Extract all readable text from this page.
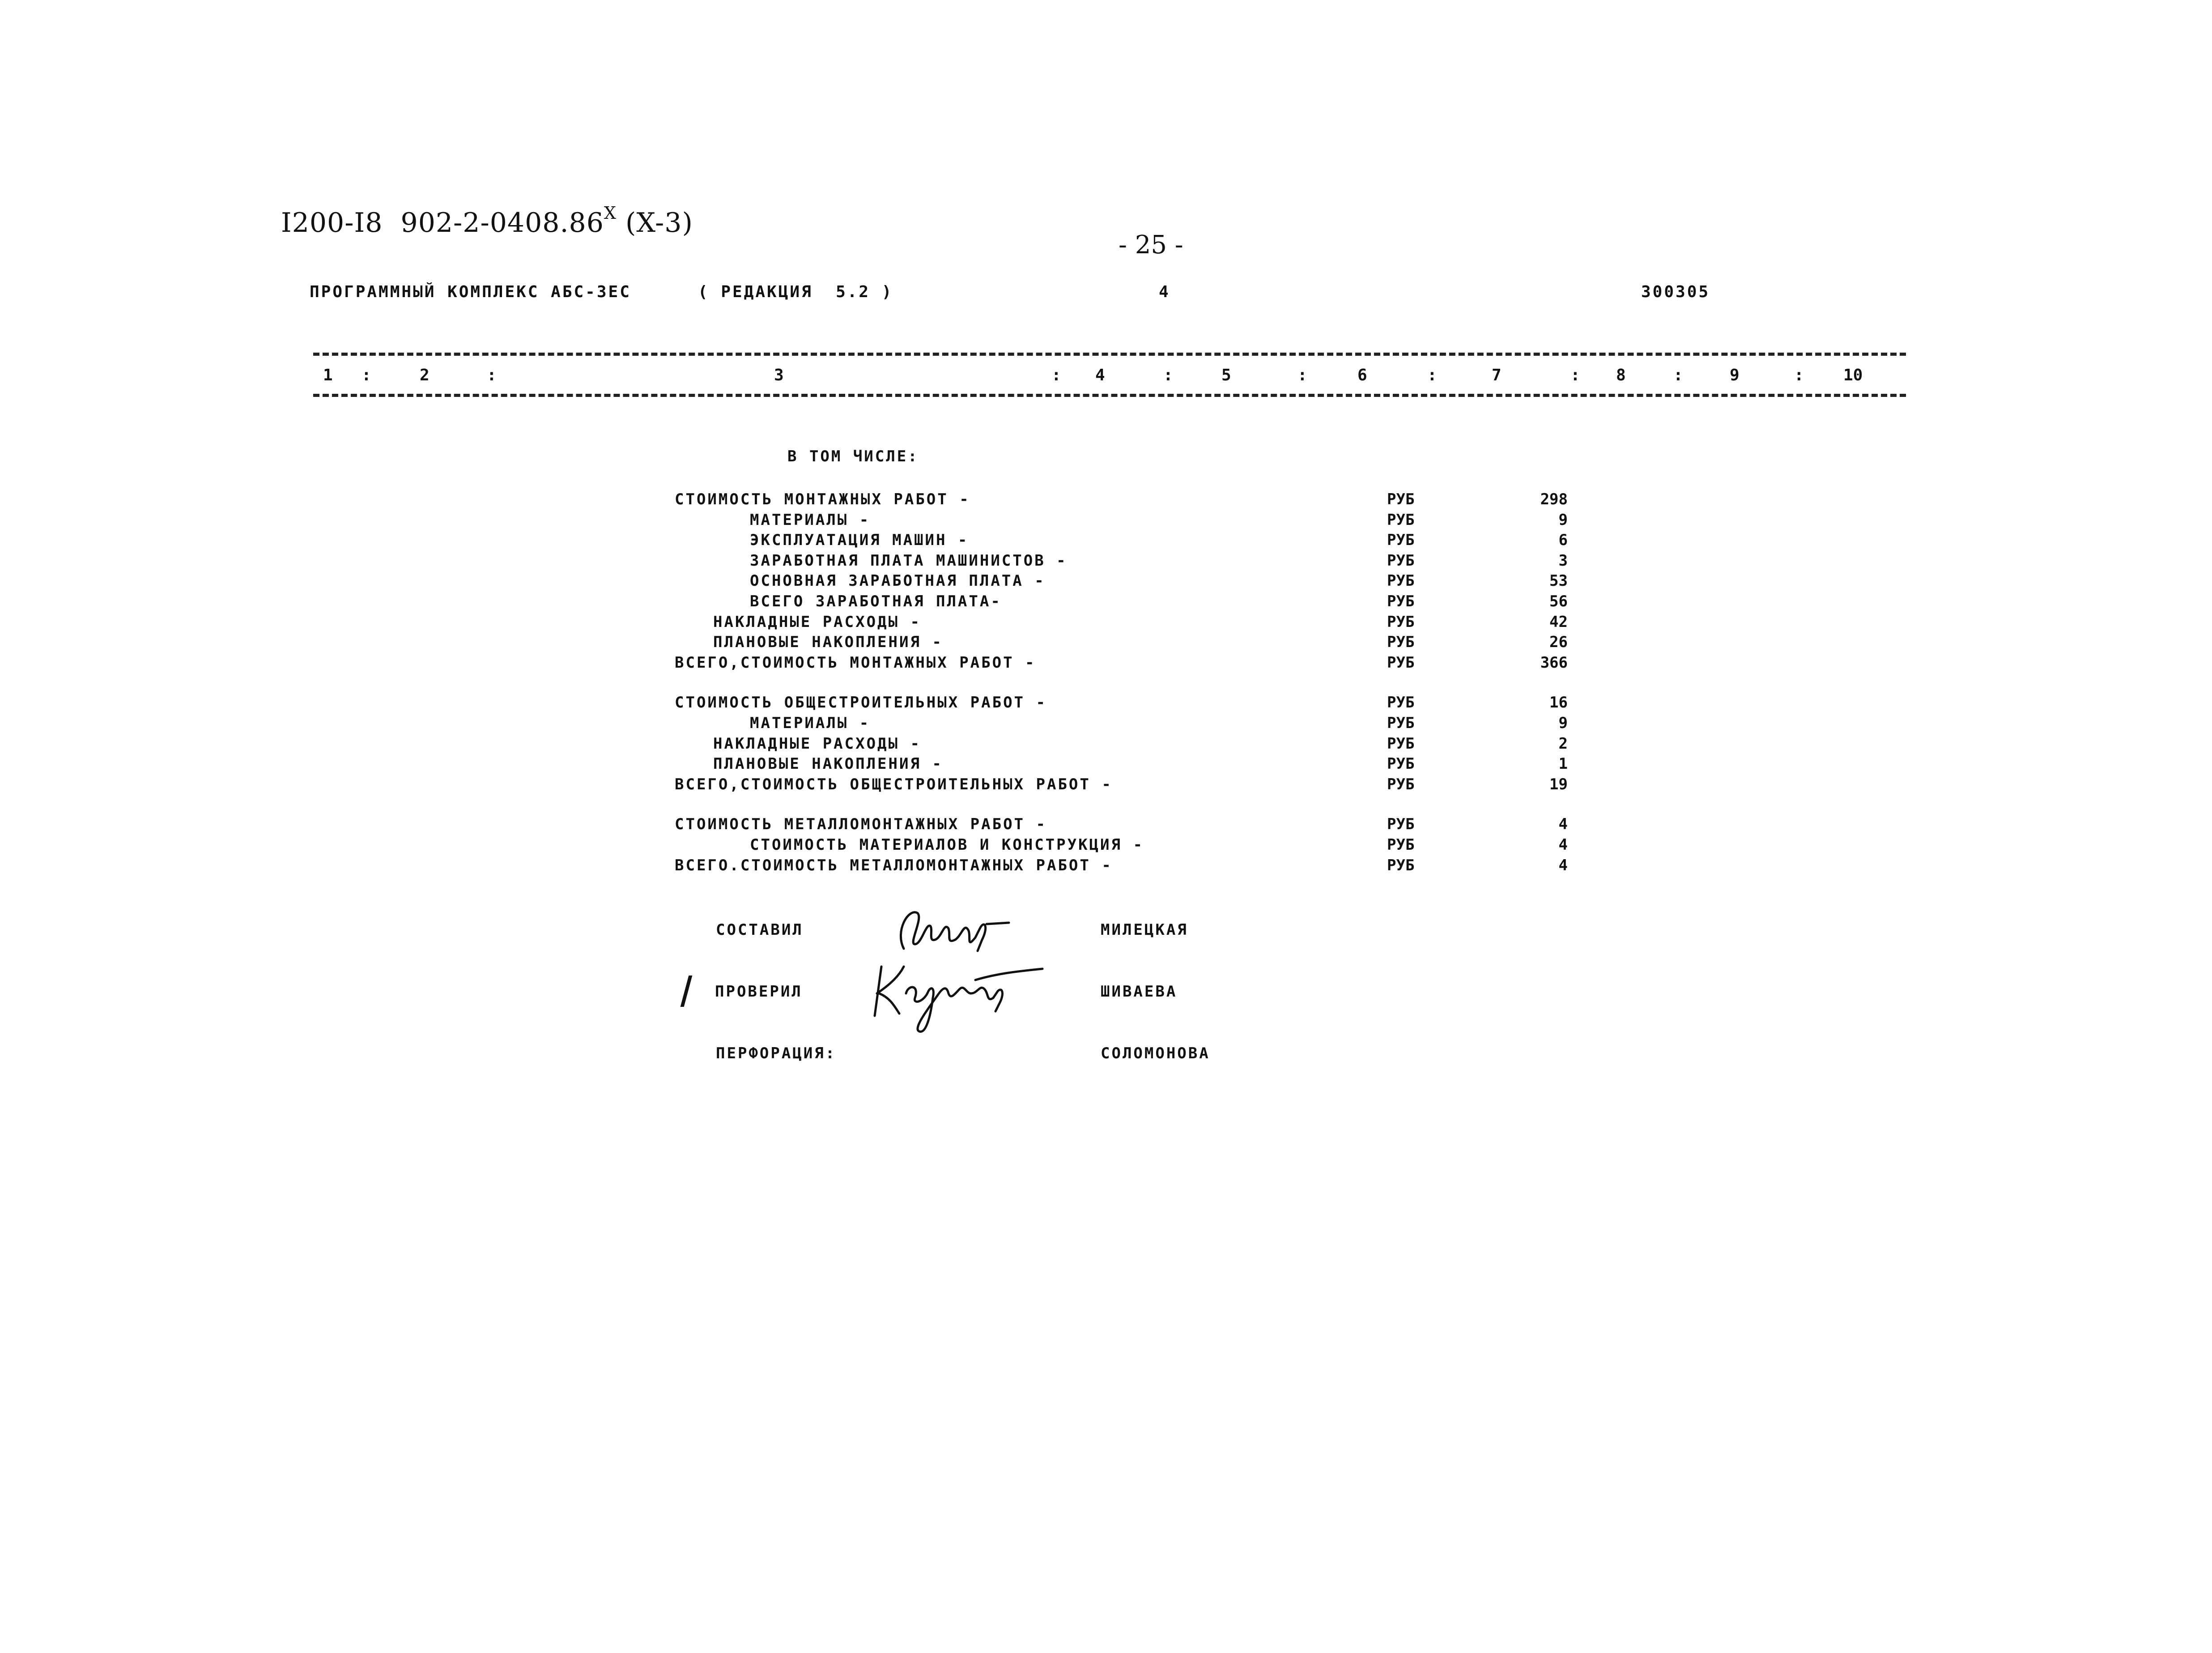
I200-I8  $902-2-0408.86^X$ (X-3)
- 25 -
ПРОГРАММНЫЙ КОМПЛЕКС АБС-ЗЕС	( РЕДАКЦИЯ  5.2 )	4	300305
1	2	3	4	5	6	7	8	9	10
:	:	:	:	:	:	:	:	:
В ТОМ ЧИСЛЕ:
СТОИМОСТЬ МОНТАЖНЫХ РАБОТ -	РУБ	298
МАТЕРИАЛЫ -	РУБ	9
ЭКСПЛУАТАЦИЯ МАШИН -	РУБ	6
ЗАРАБОТНАЯ ПЛАТА МАШИНИСТОВ -	РУБ	3
ОСНОВНАЯ ЗАРАБОТНАЯ ПЛАТА -	РУБ	53
ВСЕГО ЗАРАБОТНАЯ ПЛАТА-	РУБ	56
НАКЛАДНЫЕ РАСХОДЫ -	РУБ	42
ПЛАНОВЫЕ НАКОПЛЕНИЯ -	РУБ	26
ВСЕГО,СТОИМОСТЬ МОНТАЖНЫХ РАБОТ -	РУБ	366
СТОИМОСТЬ ОБЩЕСТРОИТЕЛЬНЫХ РАБОТ -	РУБ	16
МАТЕРИАЛЫ -	РУБ	9
НАКЛАДНЫЕ РАСХОДЫ -	РУБ	2
ПЛАНОВЫЕ НАКОПЛЕНИЯ -	РУБ	1
ВСЕГО,СТОИМОСТЬ ОБЩЕСТРОИТЕЛЬНЫХ РАБОТ -	РУБ	19
СТОИМОСТЬ МЕТАЛЛОМОНТАЖНЫХ РАБОТ -	РУБ	4
СТОИМОСТЬ МАТЕРИАЛОВ И КОНСТРУКЦИЯ -	РУБ	4
ВСЕГО.СТОИМОСТЬ МЕТАЛЛОМОНТАЖНЫХ РАБОТ -	РУБ	4
СОСТАВИЛ	МИЛЕЦКАЯ
ПРОВЕРИЛ	ШИВАЕВА
ПЕРФОРАЦИЯ:	СОЛОМОНОВА
